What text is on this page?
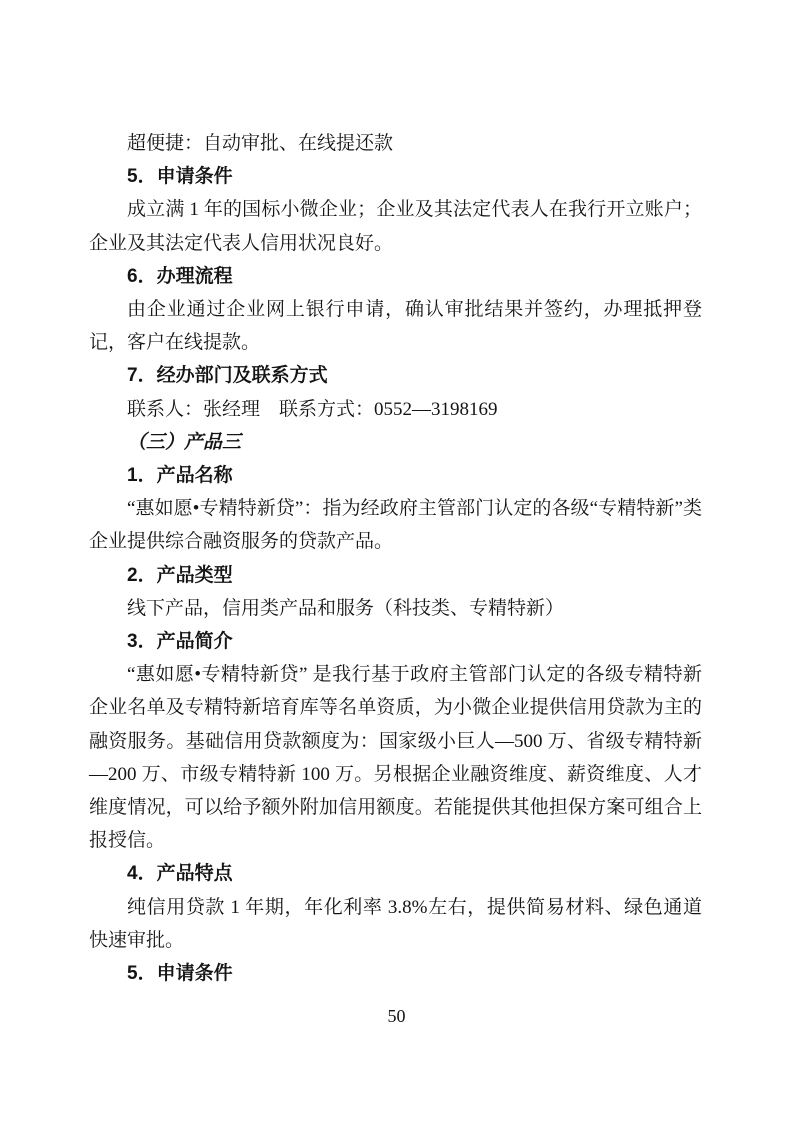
超便捷：自动审批、在线提还款
5．申请条件
成立满 1 年的国标小微企业；企业及其法定代表人在我行开立账户；企业及其法定代表人信用状况良好。
6．办理流程
由企业通过企业网上银行申请，确认审批结果并签约，办理抵押登记，客户在线提款。
7．经办部门及联系方式
联系人：张经理　联系方式：0552—3198169
（三）产品三
1．产品名称
“惠如愿•专精特新贷”：指为经政府主管部门认定的各级“专精特新”类企业提供综合融资服务的贷款产品。
2．产品类型
线下产品，信用类产品和服务（科技类、专精特新）
3．产品简介
“惠如愿•专精特新贷” 是我行基于政府主管部门认定的各级专精特新企业名单及专精特新培育库等名单资质，为小微企业提供信用贷款为主的融资服务。基础信用贷款额度为：国家级小巨人—500 万、省级专精特新—200 万、市级专精特新 100 万。另根据企业融资维度、薪资维度、人才维度情况，可以给予额外附加信用额度。若能提供其他担保方案可组合上报授信。
4．产品特点
纯信用贷款 1 年期，年化利率 3.8%左右，提供简易材料、绿色通道快速审批。
5．申请条件
50
